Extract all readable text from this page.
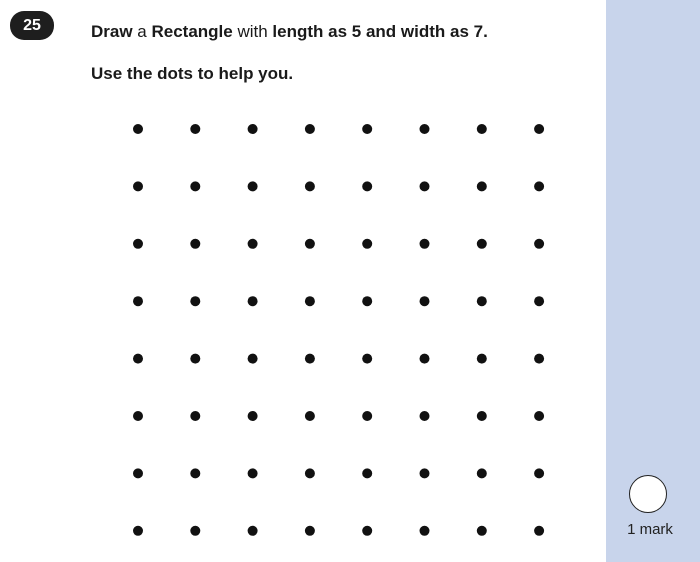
25	Draw a Rectangle with length as 5 and width as 7.
Use the dots to help you.
1 mark
